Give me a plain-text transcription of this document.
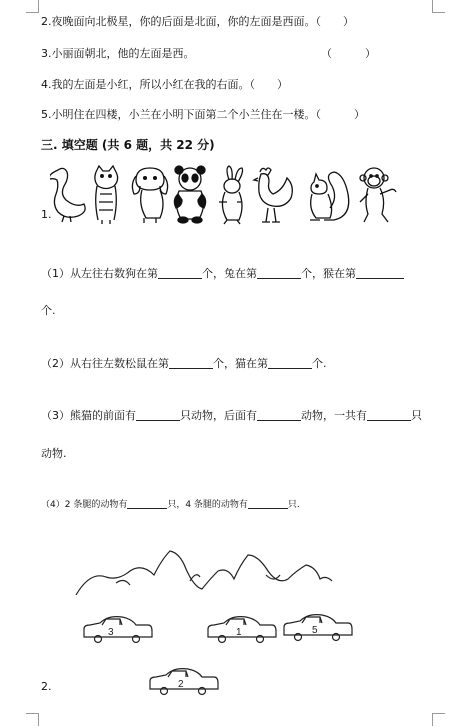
2.夜晚面向北极星，你的后面是北面，你的左面是西面。（　　）
3.小丽面朝北，他的左面是西。	（　　　）
4.我的左面是小红，所以小红在我的右面。（　　）
5.小明住在四楼，小兰在小明下面第二个小兰住在一楼。（　　　）
三. 填空题 (共 6 题，共 22 分)
1.
（1）从左往右数狗在第	个，兔在第	个，猴在第
个.
（2）从右往左数松鼠在第	个，猫在第	个.
（3）熊猫的前面有	只动物，后面有	动物，一共有	只
动物.
（4）2 条腿的动物有	只，4 条腿的动物有	只.
3	1	5
2
2.
